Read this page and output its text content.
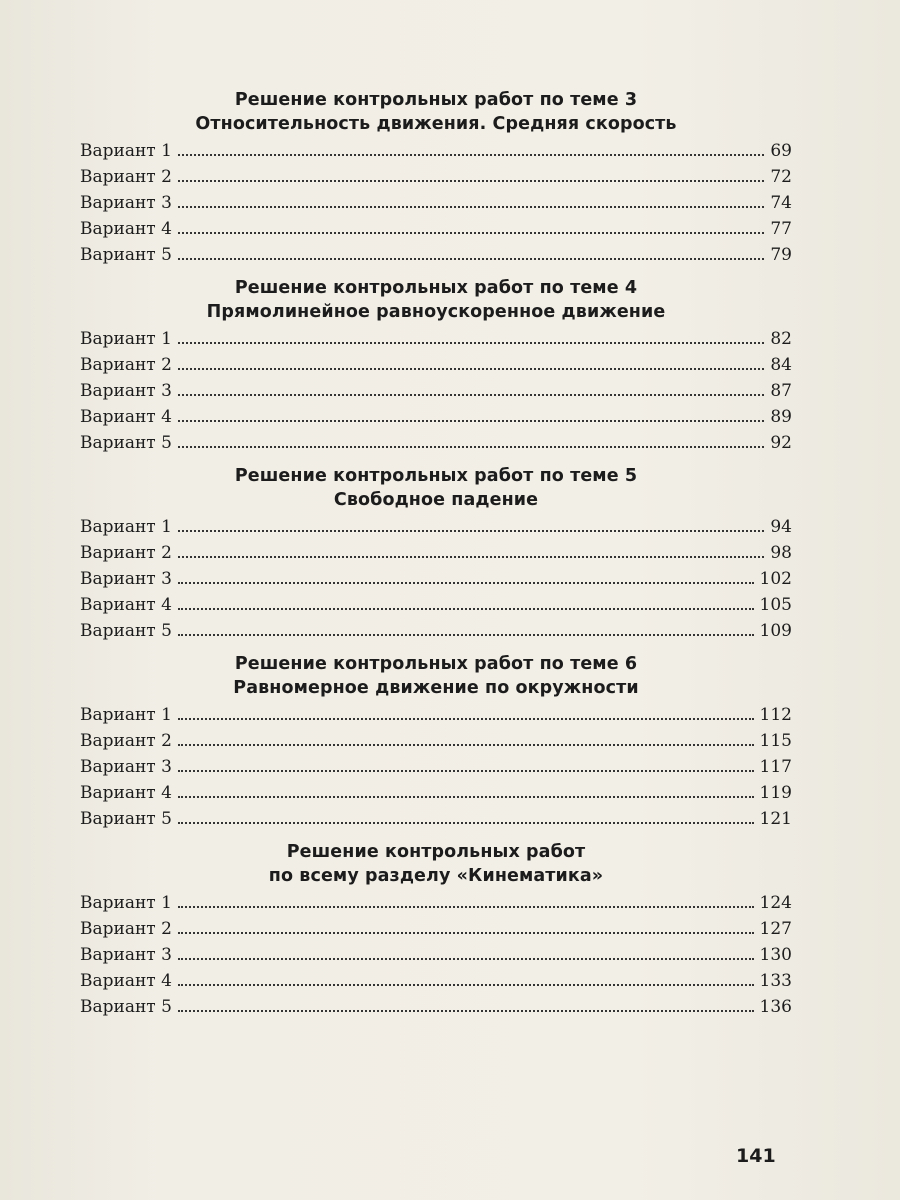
Решение контрольных работ по теме 3
Относительность движения. Средняя скорость
Вариант 1	69
Вариант 2	72
Вариант 3	74
Вариант 4	77
Вариант 5	79
Решение контрольных работ по теме 4
Прямолинейное равноускоренное движение
Вариант 1	82
Вариант 2	84
Вариант 3	87
Вариант 4	89
Вариант 5	92
Решение контрольных работ по теме 5
Свободное падение
Вариант 1	94
Вариант 2	98
Вариант 3	102
Вариант 4	105
Вариант 5	109
Решение контрольных работ по теме 6
Равномерное движение по окружности
Вариант 1	112
Вариант 2	115
Вариант 3	117
Вариант 4	119
Вариант 5	121
Решение контрольных работ
по всему разделу «Кинематика»
Вариант 1	124
Вариант 2	127
Вариант 3	130
Вариант 4	133
Вариант 5	136
141
